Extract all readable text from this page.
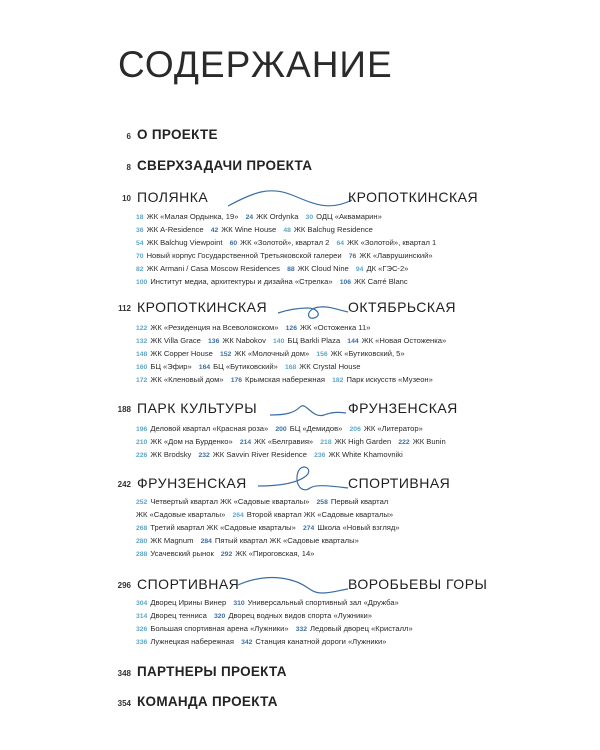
СОДЕРЖАНИЕ
6 О ПРОЕКТЕ
8 СВЕРХЗАДАЧИ ПРОЕКТА
10 ПОЛЯНКА	КРОПОТКИНСКАЯ
18 ЖК «Малая Ордынка, 19» 24 ЖК Ordynka 30 ОДЦ «Аквамарин»
36 ЖК A-Residence 42 ЖК Wine House 48 ЖК Balchug Residence
54 ЖК Balchug Viewpoint 60 ЖК «Золотой», квартал 2 64 ЖК «Золотой», квартал 1
70 Новый корпус Государственной Третьяковской галереи 76 ЖК «Лаврушинский»
82 ЖК Armani / Casa Moscow Residences 88 ЖК Cloud Nine 94 ДК «ГЭС-2»
100 Институт медиа, архитектуры и дизайна «Стрелка» 106 ЖК Carré Blanc
112 КРОПОТКИНСКАЯ	ОКТЯБРЬСКАЯ
122 ЖК «Резиденция на Всеволожском» 126 ЖК «Остоженка 11»
132 ЖК Villa Grace 136 ЖК Nabokov 140 БЦ Barkli Plaza 144 ЖК «Новая Остоженка»
148 ЖК Copper House 152 ЖК «Молочный дом» 156 ЖК «Бутиковский, 5»
160 БЦ «Эфир» 164 БЦ «Бутиковский» 168 ЖК Crystal House
172 ЖК «Кленовый дом» 176 Крымская набережная 182 Парк искусств «Музеон»
188 ПАРК КУЛЬТУРЫ	ФРУНЗЕНСКАЯ
196 Деловой квартал «Красная роза» 200 БЦ «Демидов» 206 ЖК «Литератор»
210 ЖК «Дом на Бурденко» 214 ЖК «Белгравия» 218 ЖК High Garden 222 ЖК Bunin
226 ЖК Brodsky 232 ЖК Savvin River Residence 236 ЖК White Khamovniki
242 ФРУНЗЕНСКАЯ	СПОРТИВНАЯ
252 Четвертый квартал ЖК «Садовые кварталы» 258 Первый квартал
ЖК «Садовые кварталы» 264 Второй квартал ЖК «Садовые кварталы»
268 Третий квартал ЖК «Садовые кварталы» 274 Школа «Новый взгляд»
280 ЖК Magnum 284 Пятый квартал ЖК «Садовые кварталы»
288 Усачевский рынок 292 ЖК «Пироговская, 14»
296 СПОРТИВНАЯ	ВОРОБЬЕВЫ ГОРЫ
304 Дворец Ирины Винер 310 Универсальный спортивный зал «Дружба»
314 Дворец тенниса 320 Дворец водных видов спорта «Лужники»
326 Большая спортивная арена «Лужники» 332 Ледовый дворец «Кристалл»
336 Лужнецкая набережная 342 Станция канатной дороги «Лужники»
348 ПАРТНЕРЫ ПРОЕКТА
354 КОМАНДА ПРОЕКТА
